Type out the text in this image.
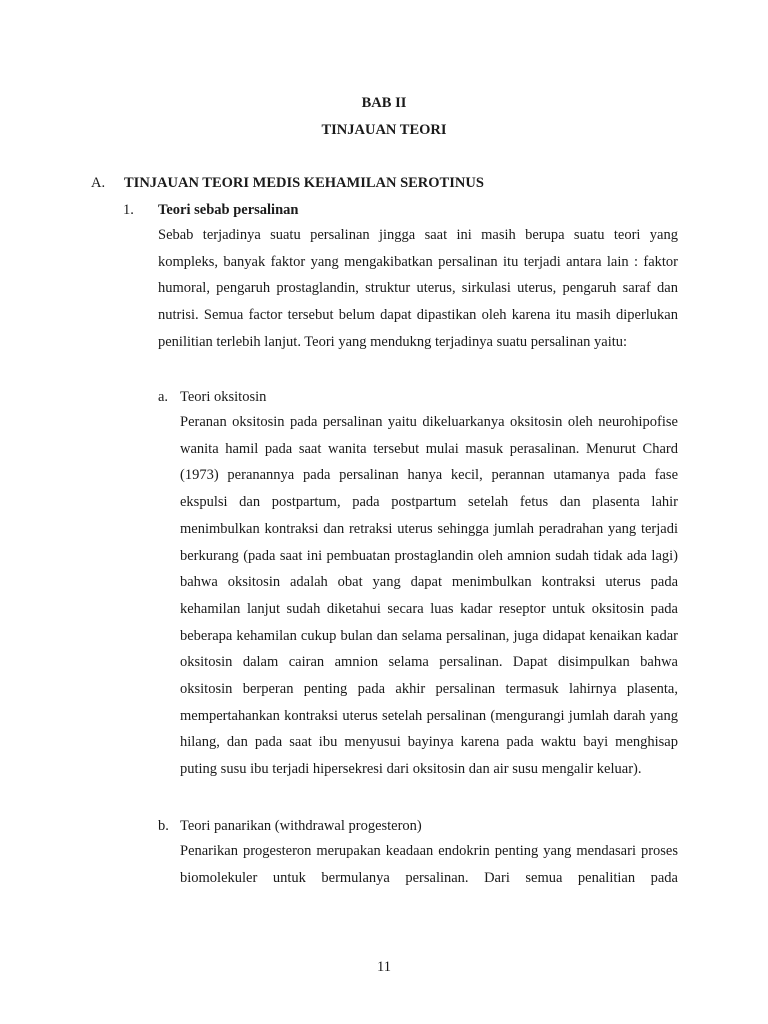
BAB II
TINJAUAN TEORI
A. TINJAUAN TEORI MEDIS KEHAMILAN SEROTINUS
1. Teori sebab persalinan

Sebab terjadinya suatu persalinan jingga saat ini masih berupa suatu teori yang kompleks, banyak faktor yang mengakibatkan persalinan itu terjadi antara lain : faktor humoral, pengaruh prostaglandin, struktur uterus, sirkulasi uterus, pengaruh saraf dan nutrisi. Semua factor tersebut belum dapat dipastikan oleh karena itu masih diperlukan penilitian terlebih lanjut. Teori yang mendukng terjadinya suatu persalinan yaitu:

a. Teori oksitosin

Peranan oksitosin pada persalinan yaitu dikeluarkanya oksitosin oleh neurohipofise wanita hamil pada saat wanita tersebut mulai masuk perasalinan. Menurut Chard (1973) peranannya pada persalinan hanya kecil, perannan utamanya pada fase ekspulsi dan postpartum, pada postpartum setelah fetus dan plasenta lahir menimbulkan kontraksi dan retraksi uterus sehingga jumlah peradrahan yang terjadi berkurang (pada saat ini pembuatan prostaglandin oleh amnion sudah tidak ada lagi) bahwa oksitosin adalah obat yang dapat menimbulkan kontraksi uterus pada kehamilan lanjut sudah diketahui secara luas kadar reseptor untuk oksitosin pada beberapa kehamilan cukup bulan dan selama persalinan, juga didapat kenaikan kadar oksitosin dalam cairan amnion selama persalinan. Dapat disimpulkan bahwa oksitosin berperan penting pada akhir persalinan termasuk lahirnya plasenta, mempertahankan kontraksi uterus setelah persalinan (mengurangi jumlah darah yang hilang, dan pada saat ibu menyusui bayinya karena pada waktu bayi menghisap puting susu ibu terjadi hipersekresi dari oksitosin dan air susu mengalir keluar).

b. Teori panarikan (withdrawal progesteron)

Penarikan progesteron merupakan keadaan endokrin penting yang mendasari proses biomolekuler untuk bermulanya persalinan. Dari semua penalitian pada

11
